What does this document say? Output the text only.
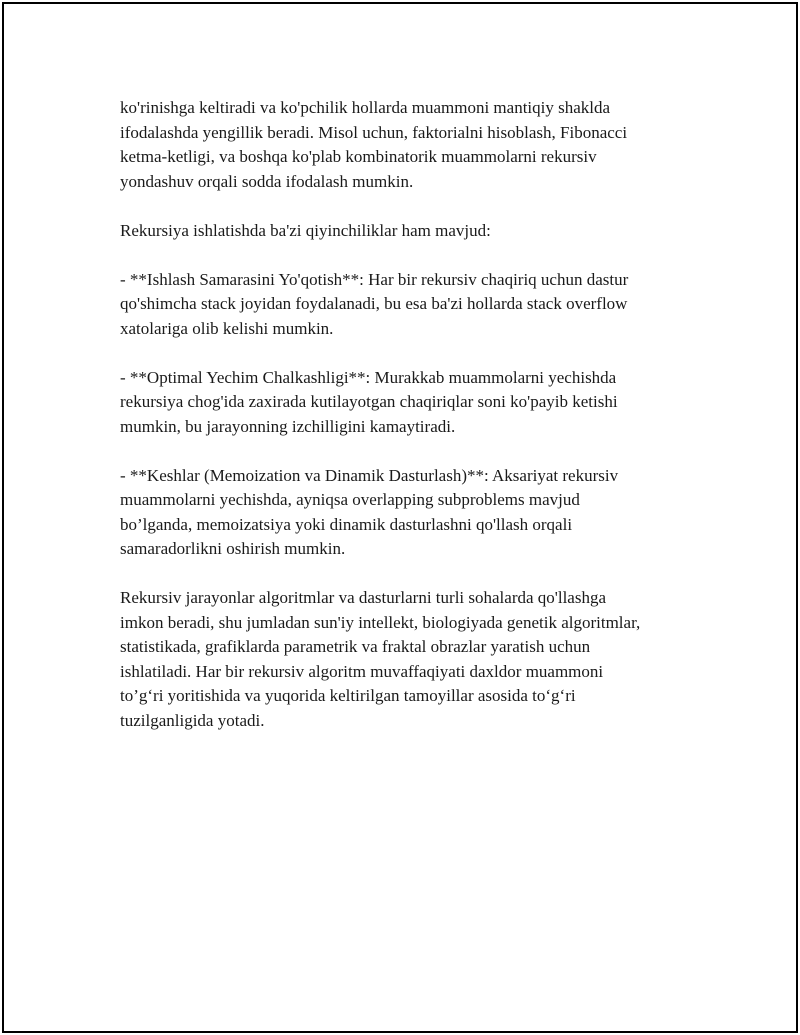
ko'rinishga keltiradi va ko'pchilik hollarda muammoni mantiqiy shaklda
ifodalashda yengillik beradi. Misol uchun, faktorialni hisoblash, Fibonacci
ketma-ketligi, va boshqa ko'plab kombinatorik muammolarni rekursiv
yondashuv orqali sodda ifodalash mumkin.

Rekursiya ishlatishda ba'zi qiyinchiliklar ham mavjud:

- **Ishlash Samarasini Yo'qotish**: Har bir rekursiv chaqiriq uchun dastur
qo'shimcha stack joyidan foydalanadi, bu esa ba'zi hollarda stack overflow
xatolariga olib kelishi mumkin.

- **Optimal Yechim Chalkashligi**: Murakkab muammolarni yechishda
rekursiya chog'ida zaxirada kutilayotgan chaqiriqlar soni ko'payib ketishi
mumkin, bu jarayonning izchilligini kamaytiradi.

- **Keshlar (Memoization va Dinamik Dasturlash)**: Aksariyat rekursiv
muammolarni yechishda, ayniqsa overlapping subproblems mavjud
bo’lganda, memoizatsiya yoki dinamik dasturlashni qo'llash orqali
samaradorlikni oshirish mumkin.

Rekursiv jarayonlar algoritmlar va dasturlarni turli sohalarda qo'llashga
imkon beradi, shu jumladan sun'iy intellekt, biologiyada genetik algoritmlar,
statistikada, grafiklarda parametrik va fraktal obrazlar yaratish uchun
ishlatiladi. Har bir rekursiv algoritm muvaffaqiyati daxldor muammoni
to’g‘ri yoritishida va yuqorida keltirilgan tamoyillar asosida to‘g‘ri
tuzilganligida yotadi.
